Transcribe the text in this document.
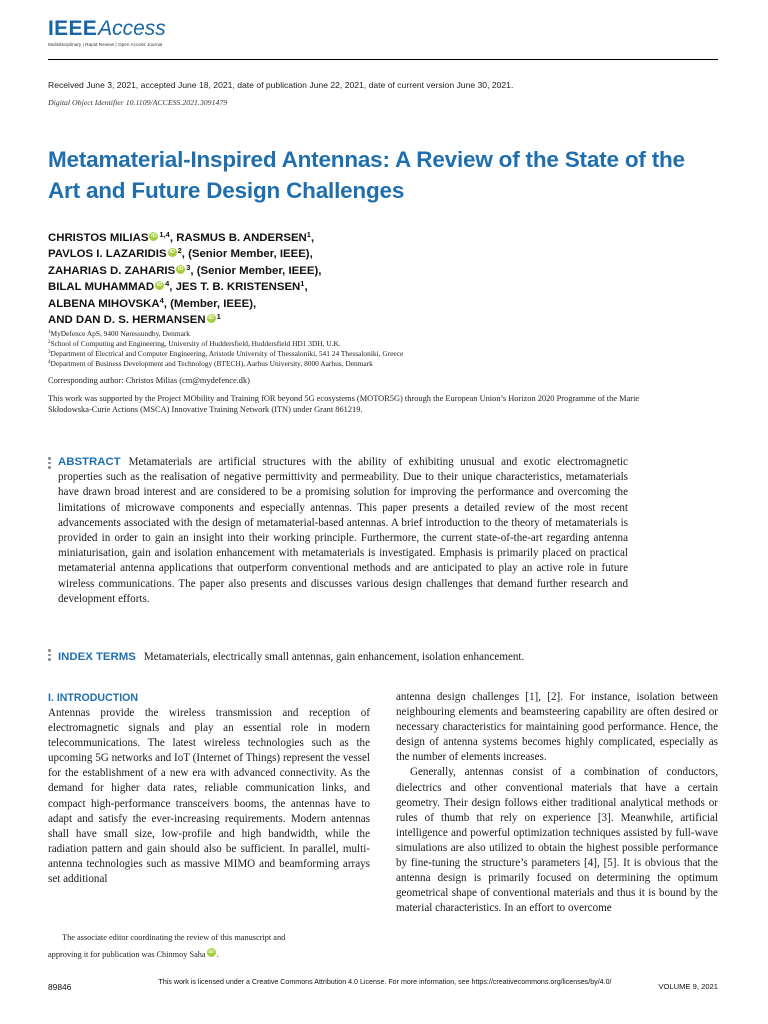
IEEEAccess
Multidisciplinary | Rapid Review | Open Access Journal
Received June 3, 2021, accepted June 18, 2021, date of publication June 22, 2021, date of current version June 30, 2021.
Digital Object Identifier 10.1109/ACCESS.2021.3091479
Metamaterial-Inspired Antennas: A Review of the State of the Art and Future Design Challenges
CHRISTOS MILIAS iD $^{1,4}$, RASMUS B. ANDERSEN$^1$,
PAVLOS I. LAZARIDIS iD $^2$, (Senior Member, IEEE),
ZAHARIAS D. ZAHARIS iD $^3$, (Senior Member, IEEE),
BILAL MUHAMMAD iD $^4$, JES T. B. KRISTENSEN$^1$,
ALBENA MIHOVSKA$^4$, (Member, IEEE),
AND DAN D. S. HERMANSEN iD $^1$
$^1$MyDefence ApS, 9400 Nøressundby, Denmark
$^2$School of Computing and Engineering, University of Huddersfield, Huddersfield HD1 3DH, U.K.
$^3$Department of Electrical and Computer Engineering, Aristotle University of Thessaloniki, 541 24 Thessaloniki, Greece
$^4$Department of Business Development and Technology (BTECH), Aarhus University, 8000 Aarhus, Denmark
Corresponding author: Christos Milias (cm@mydefence.dk)
This work was supported by the Project MObility and Training fOR beyond 5G ecosystems (MOTOR5G) through the European Union’s Horizon 2020 Programme of the Marie Skłodowska-Curie Actions (MSCA) Innovative Training Network (ITN) under Grant 861219.
ABSTRACT Metamaterials are artificial structures with the ability of exhibiting unusual and exotic electromagnetic properties such as the realisation of negative permittivity and permeability. Due to their unique characteristics, metamaterials have drawn broad interest and are considered to be a promising solution for improving the performance and overcoming the limitations of microwave components and especially antennas. This paper presents a detailed review of the most recent advancements associated with the design of metamaterial-based antennas. A brief introduction to the theory of metamaterials is provided in order to gain an insight into their working principle. Furthermore, the current state-of-the-art regarding antenna miniaturisation, gain and isolation enhancement with metamaterials is investigated. Emphasis is primarily placed on practical metamaterial antenna applications that outperform conventional methods and are anticipated to play an active role in future wireless communications. The paper also presents and discusses various design challenges that demand further research and development efforts.
INDEX TERMS Metamaterials, electrically small antennas, gain enhancement, isolation enhancement.
I. INTRODUCTION
Antennas provide the wireless transmission and reception of electromagnetic signals and play an essential role in modern telecommunications. The latest wireless technologies such as the upcoming 5G networks and IoT (Internet of Things) represent the vessel for the establishment of a new era with advanced connectivity. As the demand for higher data rates, reliable communication links, and compact high-performance transceivers booms, the antennas have to adapt and satisfy the ever-increasing requirements. Modern antennas shall have small size, low-profile and high bandwidth, while the radiation pattern and gain should also be sufficient. In parallel, multi-antenna technologies such as massive MIMO and beamforming arrays set additional
antenna design challenges [1], [2]. For instance, isolation between neighbouring elements and beamsteering capability are often desired or necessary characteristics for maintaining good performance. Hence, the design of antenna systems becomes highly complicated, especially as the number of elements increases.
Generally, antennas consist of a combination of conductors, dielectrics and other conventional materials that have a certain geometry. Their design follows either traditional analytical methods or rules of thumb that rely on experience [3]. Meanwhile, artificial intelligence and powerful optimization techniques assisted by full-wave simulations are also utilized to obtain the highest possible performance by fine-tuning the structure’s parameters [4], [5]. It is obvious that the antenna design is primarily focused on determining the optimum geometrical shape of conventional materials and thus it is bound by the material characteristics. In an effort to overcome
The associate editor coordinating the review of this manuscript and
approving it for publication was Chinmoy Saha iD .
89846	This work is licensed under a Creative Commons Attribution 4.0 License. For more information, see https://creativecommons.org/licenses/by/4.0/	VOLUME 9, 2021
